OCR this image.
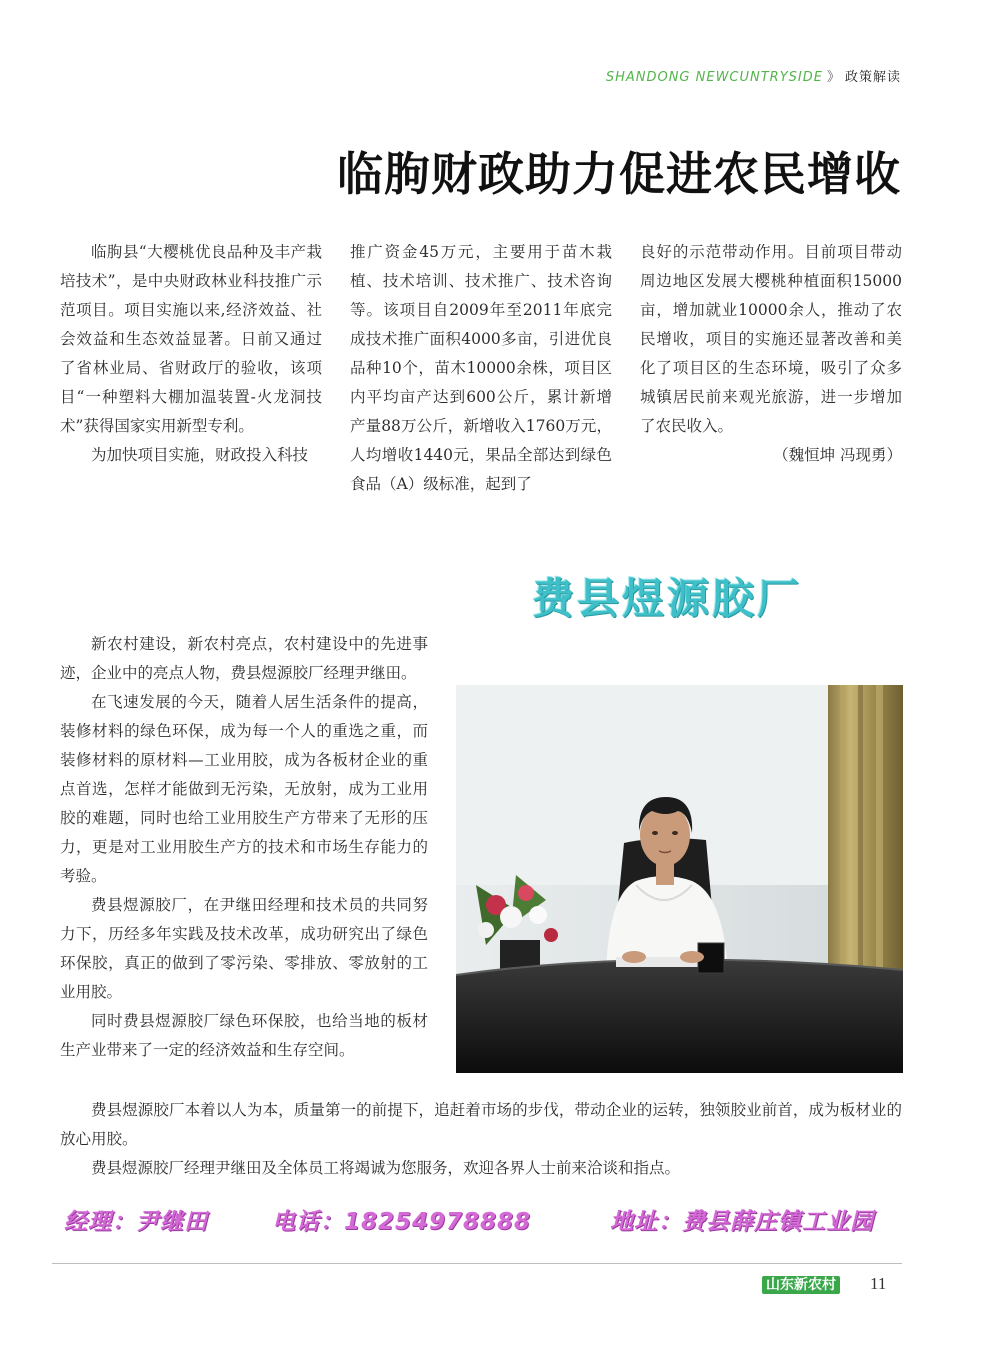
SHANDONG NEWCUNTRYSIDE 》 政策解读
临朐财政助力促进农民增收

临朐县“大樱桃优良品种及丰产栽培技术”，是中央财政林业科技推广示范项目。项目实施以来,经济效益、社会效益和生态效益显著。日前又通过了省林业局、省财政厅的验收，该项目“一种塑料大棚加温装置-火龙洞技术”获得国家实用新型专利。

为加快项目实施，财政投入科技

推广资金45万元，主要用于苗木栽植、技术培训、技术推广、技术咨询等。该项目自2009年至2011年底完成技术推广面积4000多亩，引进优良品种10个，苗木10000余株，项目区内平均亩产达到600公斤，累计新增产量88万公斤，新增收入1760万元，人均增收1440元，果品全部达到绿色食品（A）级标准，起到了

良好的示范带动作用。目前项目带动周边地区发展大樱桃种植面积15000亩，增加就业10000余人，推动了农民增收，项目的实施还显著改善和美化了项目区的生态环境，吸引了众多城镇居民前来观光旅游，进一步增加了农民收入。

（魏恒坤 冯现勇）

费县煜源胶厂

新农村建设，新农村亮点，农村建设中的先进事迹，企业中的亮点人物，费县煜源胶厂经理尹继田。

在飞速发展的今天，随着人居生活条件的提高，装修材料的绿色环保，成为每一个人的重选之重，而装修材料的原材料—工业用胶，成为各板材企业的重点首选，怎样才能做到无污染，无放射，成为工业用胶的难题，同时也给工业用胶生产方带来了无形的压力，更是对工业用胶生产方的技术和市场生存能力的考验。

费县煜源胶厂，在尹继田经理和技术员的共同努力下，历经多年实践及技术改革，成功研究出了绿色环保胶，真正的做到了零污染、零排放、零放射的工业用胶。

同时费县煜源胶厂绿色环保胶，也给当地的板材生产业带来了一定的经济效益和生存空间。

费县煜源胶厂本着以人为本，质量第一的前提下，追赶着市场的步伐，带动企业的运转，独领胶业前首，成为板材业的放心用胶。

费县煜源胶厂经理尹继田及全体员工将竭诚为您服务，欢迎各界人士前来洽谈和指点。

经理：尹继田	电话：18254978888	地址：费县薛庄镇工业园
山东新农村 11
